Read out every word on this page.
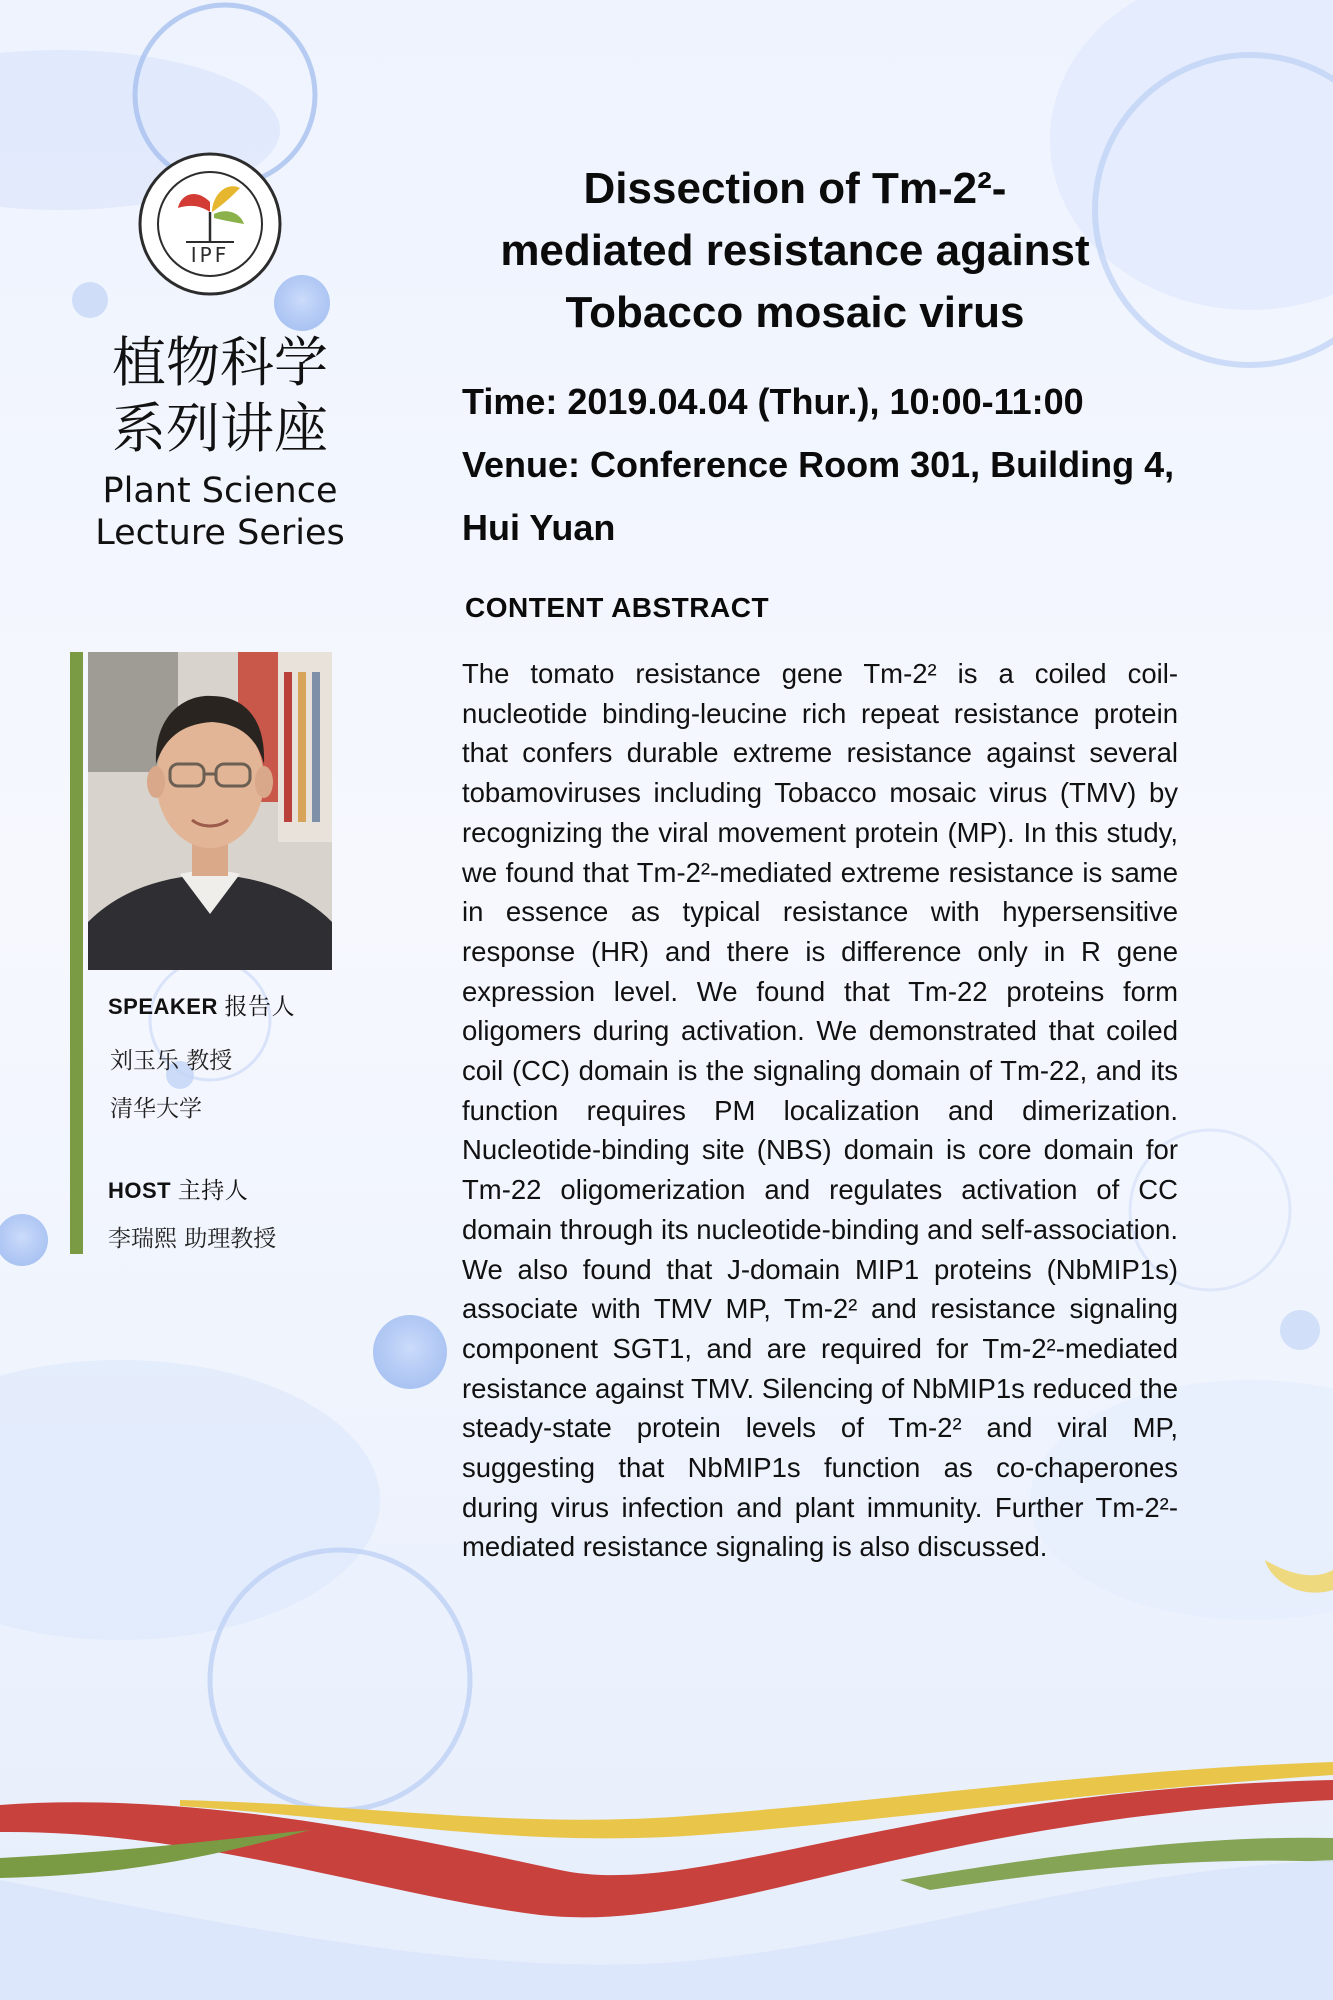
IPF
植物科学
系列讲座
Plant Science
Lecture Series
SPEAKER 报告人
刘玉乐 教授
清华大学
HOST 主持人
李瑞熙 助理教授
Dissection of Tm-2²-
mediated resistance against
Tobacco mosaic virus
Time: 2019.04.04 (Thur.), 10:00-11:00
Venue: Conference Room 301, Building 4,
Hui Yuan
CONTENT ABSTRACT
The tomato resistance gene Tm-2² is a coiled coil-nucleotide binding-leucine rich repeat resistance protein that confers durable extreme resistance against several tobamoviruses including Tobacco mosaic virus (TMV) by recognizing the viral movement protein (MP). In this study, we found that Tm-2²-mediated extreme resistance is same in essence as typical resistance with hypersensitive response (HR) and there is difference only in R gene expression level. We found that Tm-22 proteins form oligomers during activation. We demonstrated that coiled coil (CC) domain is the signaling domain of Tm-22, and its function requires PM localization and dimerization. Nucleotide-binding site (NBS) domain is core domain for Tm-22 oligomerization and regulates activation of CC domain through its nucleotide-binding and self-association. We also found that J-domain MIP1 proteins (NbMIP1s) associate with TMV MP, Tm-2² and resistance signaling component SGT1, and are required for Tm-2²-mediated resistance against TMV. Silencing of NbMIP1s reduced the steady-state protein levels of Tm-2² and viral MP, suggesting that NbMIP1s function as co-chaperones during virus infection and plant immunity. Further Tm-2²-mediated resistance signaling is also discussed.
